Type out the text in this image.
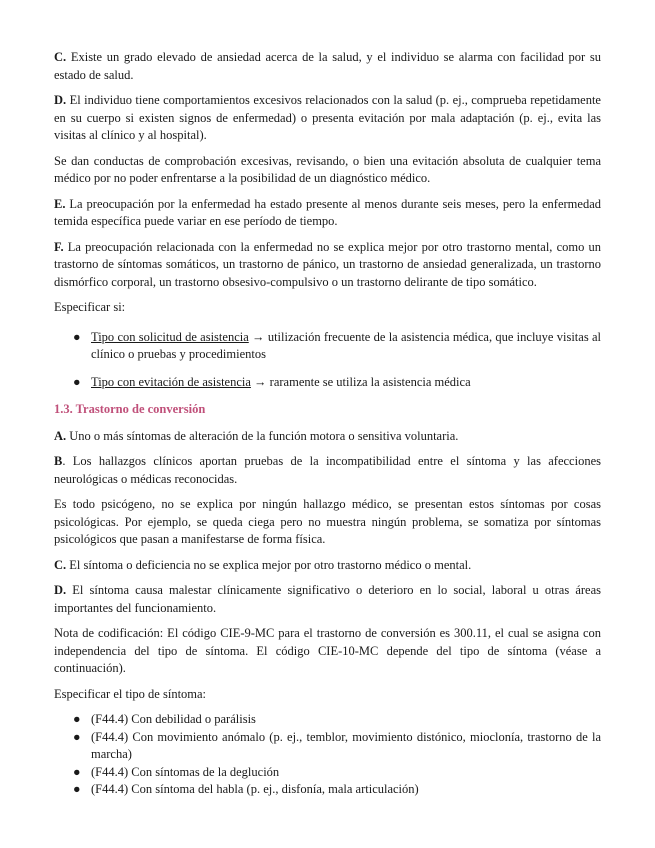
C. Existe un grado elevado de ansiedad acerca de la salud, y el individuo se alarma con facilidad por su estado de salud.

D. El individuo tiene comportamientos excesivos relacionados con la salud (p. ej., comprueba repetidamente en su cuerpo si existen signos de enfermedad) o presenta evitación por mala adaptación (p. ej., evita las visitas al clínico y al hospital).

Se dan conductas de comprobación excesivas, revisando, o bien una evitación absoluta de cualquier tema médico por no poder enfrentarse a la posibilidad de un diagnóstico médico.

E. La preocupación por la enfermedad ha estado presente al menos durante seis meses, pero la enfermedad temida específica puede variar en ese período de tiempo.

F. La preocupación relacionada con la enfermedad no se explica mejor por otro trastorno mental, como un trastorno de síntomas somáticos, un trastorno de pánico, un trastorno de ansiedad generalizada, un trastorno dismórfico corporal, un trastorno obsesivo-compulsivo o un trastorno delirante de tipo somático.

Especificar si:

● Tipo con solicitud de asistencia → utilización frecuente de la asistencia médica, que incluye visitas al clínico o pruebas y procedimientos
● Tipo con evitación de asistencia → raramente se utiliza la asistencia médica

1.3. Trastorno de conversión

A. Uno o más síntomas de alteración de la función motora o sensitiva voluntaria.

B. Los hallazgos clínicos aportan pruebas de la incompatibilidad entre el síntoma y las afecciones neurológicas o médicas reconocidas.

Es todo psicógeno, no se explica por ningún hallazgo médico, se presentan estos síntomas por cosas psicológicas. Por ejemplo, se queda ciega pero no muestra ningún problema, se somatiza por síntomas psicológicos que pasan a manifestarse de forma física.

C. El síntoma o deficiencia no se explica mejor por otro trastorno médico o mental.

D. El síntoma causa malestar clínicamente significativo o deterioro en lo social, laboral u otras áreas importantes del funcionamiento.

Nota de codificación: El código CIE-9-MC para el trastorno de conversión es 300.11, el cual se asigna con independencia del tipo de síntoma. El código CIE-10-MC depende del tipo de síntoma (véase a continuación).

Especificar el tipo de síntoma:

● (F44.4) Con debilidad o parálisis
● (F44.4) Con movimiento anómalo (p. ej., temblor, movimiento distónico, mioclonía, trastorno de la marcha)
● (F44.4) Con síntomas de la deglución
● (F44.4) Con síntoma del habla (p. ej., disfonía, mala articulación)
